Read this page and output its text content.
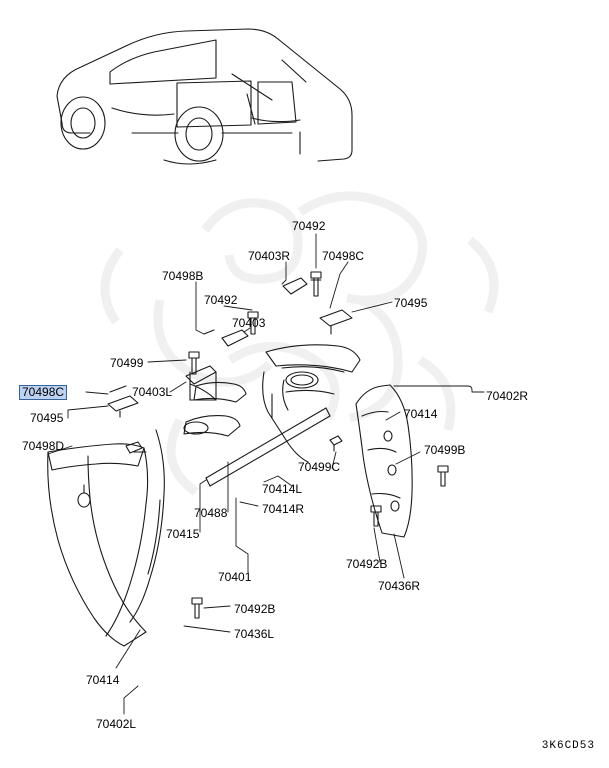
70492
70403R	70498C
70498B
70495
70492
70403
70499
70403L
70498C	70402R
70414
70495
70498D	70499B
70499C
70414L
70488	70414R
70415
70492B
70401
70436R
70492B
70436L
70414
70402L
3K6CD53
